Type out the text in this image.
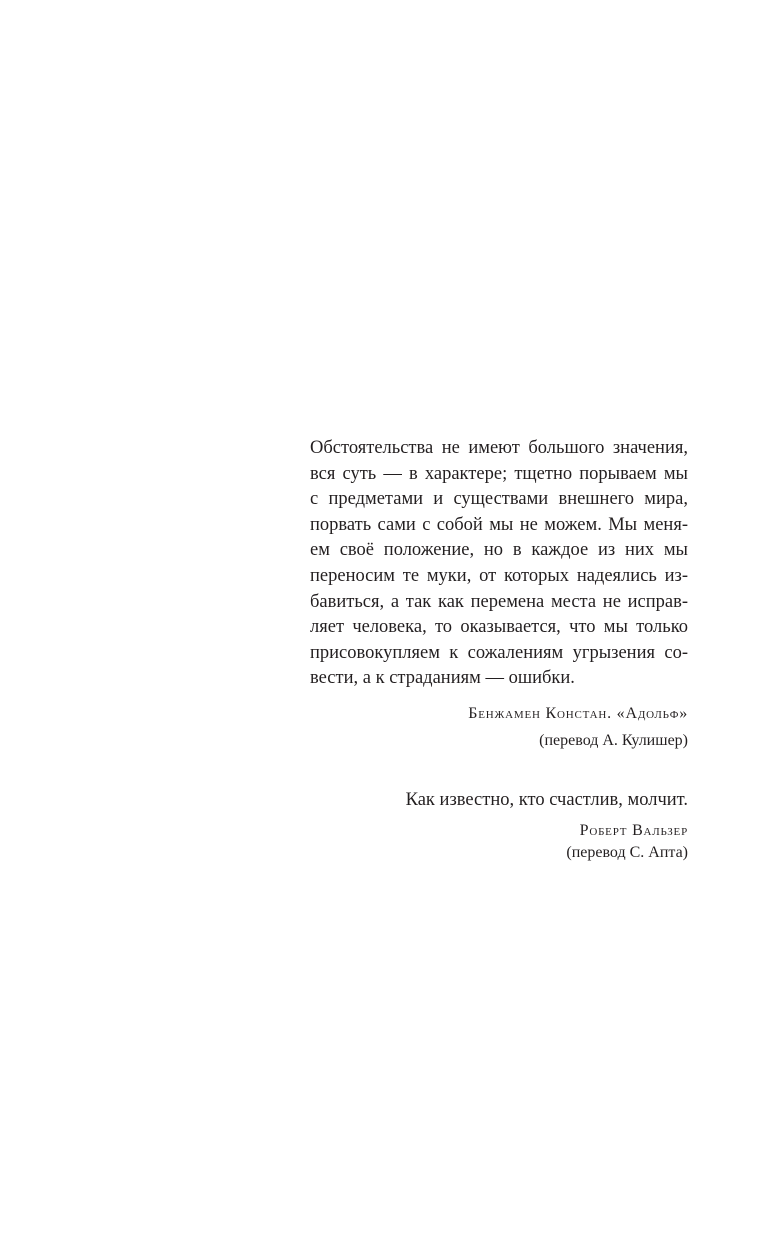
Обстоятельства не имеют большого значения,
вся суть — в характере; тщетно порываем мы
с предметами и существами внешнего мира,
порвать сами с собой мы не можем. Мы меня-
ем своё положение, но в каждое из них мы
переносим те муки, от которых надеялись из-
бавиться, а так как перемена места не исправ-
ляет человека, то оказывается, что мы только
присовокупляем к сожалениям угрызения со-
вести, а к страданиям — ошибки.
Бенжамен Констан. «Адольф»
(перевод А. Кулишер)
Как известно, кто счастлив, молчит.
Роберт Вальзер
(перевод С. Апта)
